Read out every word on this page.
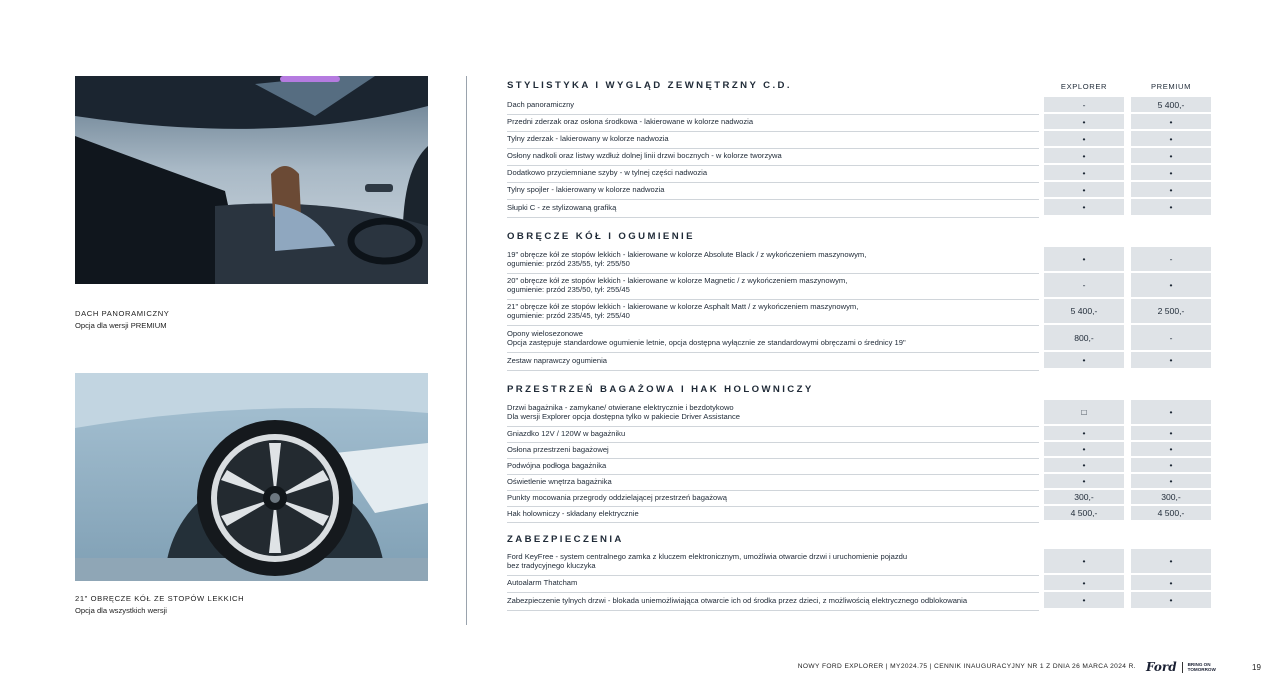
DACH PANORAMICZNY
Opcja dla wersji PREMIUM
21" OBRĘCZE KÓŁ ZE STOPÓW LEKKICH
Opcja dla wszystkich wersji
EXPLORER	PREMIUM
STYLISTYKA I WYGLĄD ZEWNĘTRZNY C.D.
Dach panoramiczny	-	5 400,-
Przedni zderzak oraz osłona środkowa - lakierowane w kolorze nadwozia	•	•
Tylny zderzak - lakierowany w kolorze nadwozia	•	•
Osłony nadkoli oraz listwy wzdłuż dolnej linii drzwi bocznych - w kolorze tworzywa	•	•
Dodatkowo przyciemniane szyby - w tylnej części nadwozia	•	•
Tylny spojler - lakierowany w kolorze nadwozia	•	•
Słupki C - ze stylizowaną grafiką	•	•
OBRĘCZE KÓŁ I OGUMIENIE
19" obręcze kół ze stopów lekkich - lakierowane w kolorze Absolute Black / z wykończeniem maszynowym,
ogumienie: przód 235/55, tył: 255/50	•	-
20" obręcze kół ze stopów lekkich - lakierowane w kolorze Magnetic / z wykończeniem maszynowym,
ogumienie: przód 235/50, tył: 255/45	-	•
21" obręcze kół ze stopów lekkich - lakierowane w kolorze Asphalt Matt / z wykończeniem maszynowym,
ogumienie: przód 235/45, tył: 255/40	5 400,-	2 500,-
Opony wielosezonowe
Opcja zastępuje standardowe ogumienie letnie, opcja dostępna wyłącznie ze standardowymi obręczami o średnicy 19"	800,-	-
Zestaw naprawczy ogumienia	•	•
PRZESTRZEŃ BAGAŻOWA I HAK HOLOWNICZY
Drzwi bagażnika - zamykane/ otwierane elektrycznie i bezdotykowo
Dla wersji Explorer opcja dostępna tylko w pakiecie Driver Assistance	□	•
Gniazdko 12V / 120W w bagażniku	•	•
Osłona przestrzeni bagażowej	•	•
Podwójna podłoga bagażnika	•	•
Oświetlenie wnętrza bagażnika	•	•
Punkty mocowania przegrody oddzielającej przestrzeń bagażową	300,-	300,-
Hak holowniczy - składany elektrycznie	4 500,-	4 500,-
ZABEZPIECZENIA
Ford KeyFree - system centralnego zamka z kluczem elektronicznym, umożliwia otwarcie drzwi i uruchomienie pojazdu
bez tradycyjnego kluczyka	•	•
Autoalarm Thatcham	•	•
Zabezpieczenie tylnych drzwi - blokada uniemożliwiająca otwarcie ich od środka przez dzieci, z możliwością elektrycznego odblokowania	•	•
NOWY FORD EXPLORER | MY2024.75 | CENNIK INAUGURACYJNY NR 1 Z DNIA 26 MARCA 2024 R. Ford BRING ON
TOMORROW	19
